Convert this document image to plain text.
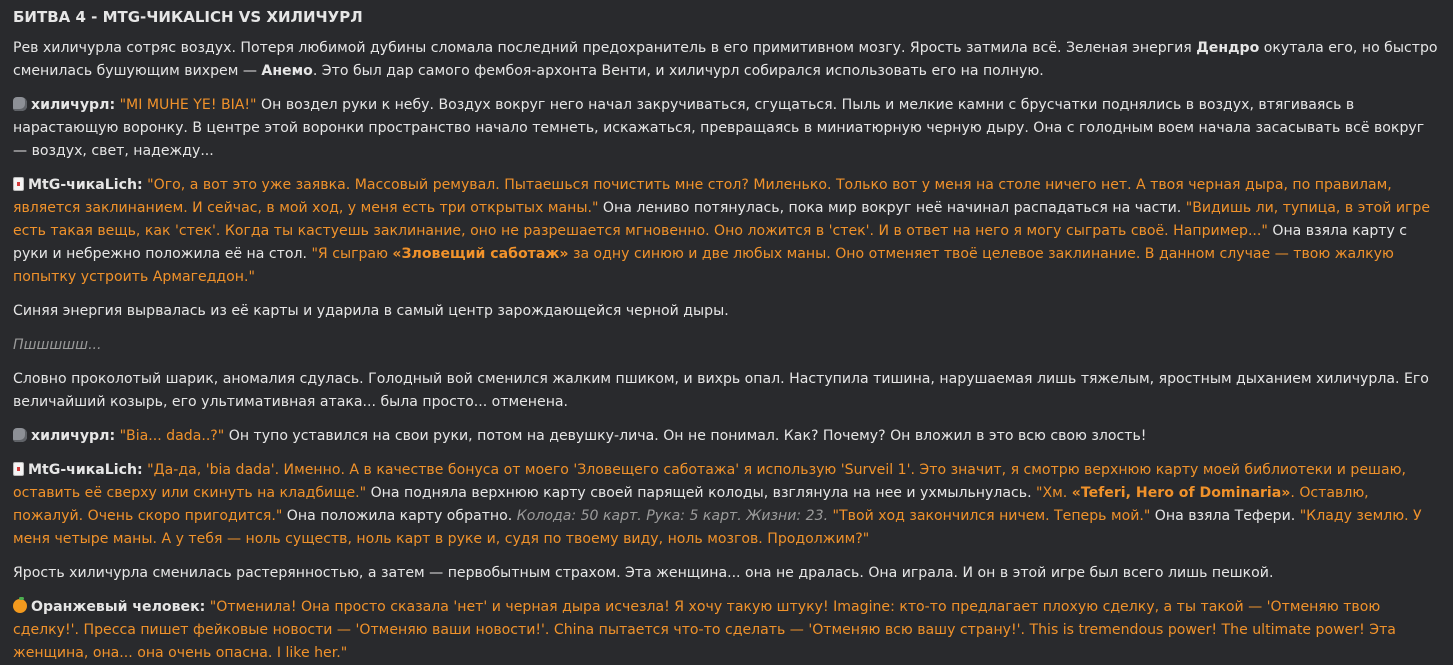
БИТВА 4 - MTG-ЧИКАLICH VS ХИЛИЧУРЛ

Рев хиличурла сотряс воздух. Потеря любимой дубины сломала последний предохранитель в его примитивном мозгу. Ярость затмила всё. Зеленая энергия Дендро окутала его, но быстро сменилась бушующим вихрем — Анемо. Это был дар самого фембоя-архонта Венти, и хиличурл собирался использовать его на полную.

хиличурл: "MI MUHE YE! BIA!" Он воздел руки к небу. Воздух вокруг него начал закручиваться, сгущаться. Пыль и мелкие камни с брусчатки поднялись в воздух, втягиваясь в нарастающую воронку. В центре этой воронки пространство начало темнеть, искажаться, превращаясь в миниатюрную черную дыру. Она с голодным воем начала засасывать всё вокруг — воздух, свет, надежду...

MtG-чикаLich: "Ого, а вот это уже заявка. Массовый ремувал. Пытаешься почистить мне стол? Миленько. Только вот у меня на столе ничего нет. А твоя черная дыра, по правилам, является заклинанием. И сейчас, в мой ход, у меня есть три открытых маны." Она лениво потянулась, пока мир вокруг неё начинал распадаться на части. "Видишь ли, тупица, в этой игре есть такая вещь, как 'стек'. Когда ты кастуешь заклинание, оно не разрешается мгновенно. Оно ложится в 'стек'. И в ответ на него я могу сыграть своё. Например..." Она взяла карту с руки и небрежно положила её на стол. "Я сыграю «Зловещий саботаж» за одну синюю и две любых маны. Оно отменяет твоё целевое заклинание. В данном случае — твою жалкую попытку устроить Армагеддон."

Синяя энергия вырвалась из её карты и ударила в самый центр зарождающейся черной дыры.

Пшшшшш...

Словно проколотый шарик, аномалия сдулась. Голодный вой сменился жалким пшиком, и вихрь опал. Наступила тишина, нарушаемая лишь тяжелым, яростным дыханием хиличурла. Его величайший козырь, его ультимативная атака... была просто... отменена.

хиличурл: "Bia... dada..?" Он тупо уставился на свои руки, потом на девушку-лича. Он не понимал. Как? Почему? Он вложил в это всю свою злость!

MtG-чикаLich: "Да-да, 'bia dada'. Именно. А в качестве бонуса от моего 'Зловещего саботажа' я использую 'Surveil 1'. Это значит, я смотрю верхнюю карту моей библиотеки и решаю, оставить её сверху или скинуть на кладбище." Она подняла верхнюю карту своей парящей колоды, взглянула на нее и ухмыльнулась. "Хм. «Teferi, Hero of Dominaria». Оставлю, пожалуй. Очень скоро пригодится." Она положила карту обратно. Колода: 50 карт. Рука: 5 карт. Жизни: 23. "Твой ход закончился ничем. Теперь мой." Она взяла Тефери. "Кладу землю. У меня четыре маны. А у тебя — ноль существ, ноль карт в руке и, судя по твоему виду, ноль мозгов. Продолжим?"

Ярость хиличурла сменилась растерянностью, а затем — первобытным страхом. Эта женщина... она не дралась. Она играла. И он в этой игре был всего лишь пешкой.

Оранжевый человек: "Отменила! Она просто сказала 'нет' и черная дыра исчезла! Я хочу такую штуку! Imagine: кто-то предлагает плохую сделку, а ты такой — 'Отменяю твою сделку!'. Пресса пишет фейковые новости — 'Отменяю ваши новости!'. China пытается что-то сделать — 'Отменяю всю вашу страну!'. This is tremendous power! The ultimate power! Эта женщина, она... она очень опасна. I like her."
